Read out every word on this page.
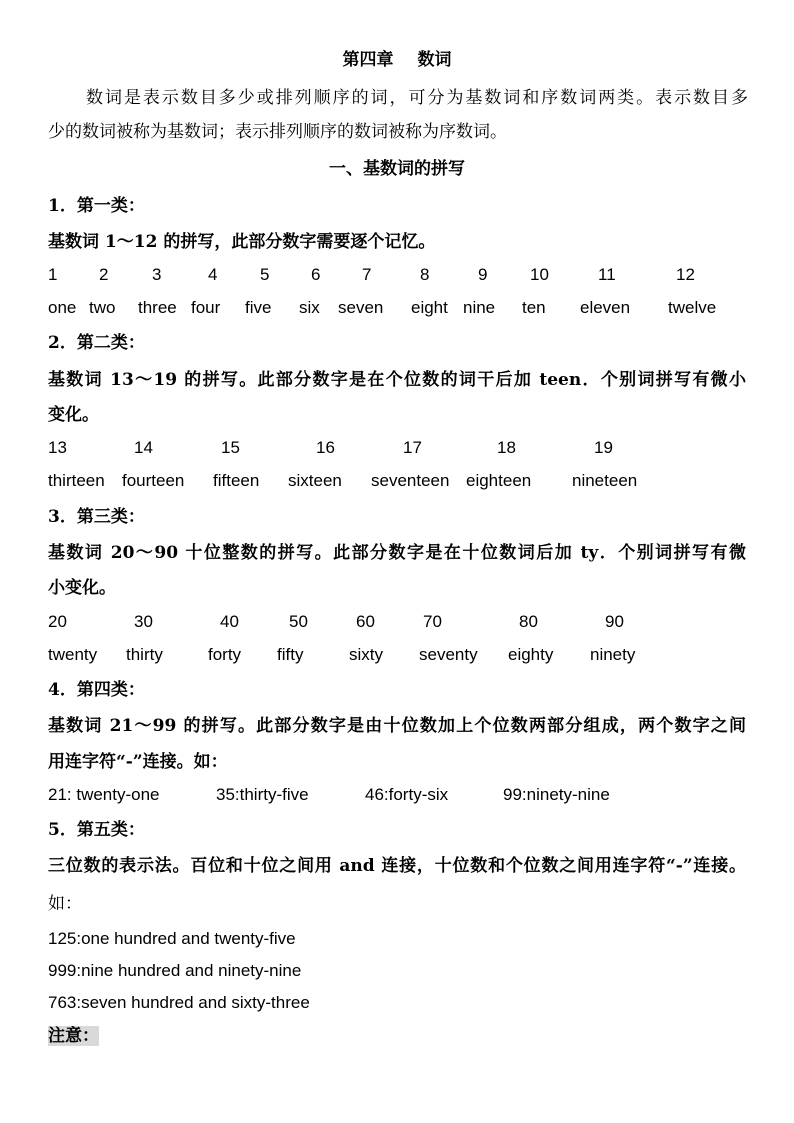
第四章 数词
数词是表示数目多少或排列顺序的词，可分为基数词和序数词两类。表示数目多
少的数词被称为基数词；表示排列顺序的数词被称为序数词。
一、基数词的拼写
1．第一类：
基数词 1～12 的拼写，此部分数字需要逐个记忆。
1 2	3	4	5 6 7	8	9	10	11	12
one two three four five six seven eight nine ten eleven twelve
2．第二类：
基数词 13～19 的拼写。此部分数字是在个位数的词干后加 teen．个别词拼写有微小
变化。
13	14	15	16	17	18	19
thirteen fourteen fifteen sixteen seventeen eighteen nineteen
3．第三类：
基数词 20～90 十位整数的拼写。此部分数字是在十位数词后加 ty．个别词拼写有微
小变化。
20	30	40	50	60	70	80	90
twenty thirty	forty fifty	sixty seventy eighty ninety
4．第四类：
基数词 21～99 的拼写。此部分数字是由十位数加上个位数两部分组成，两个数字之间
用连字符“-”连接。如：
21: twenty-one	35:thirty-five	46:forty-six	99:ninety-nine
5．第五类：
三位数的表示法。百位和十位之间用 and 连接，十位数和个位数之间用连字符“-”连接。
如：
125:one hundred and twenty-five
999:nine hundred and ninety-nine
763:seven hundred and sixty-three
注意：
